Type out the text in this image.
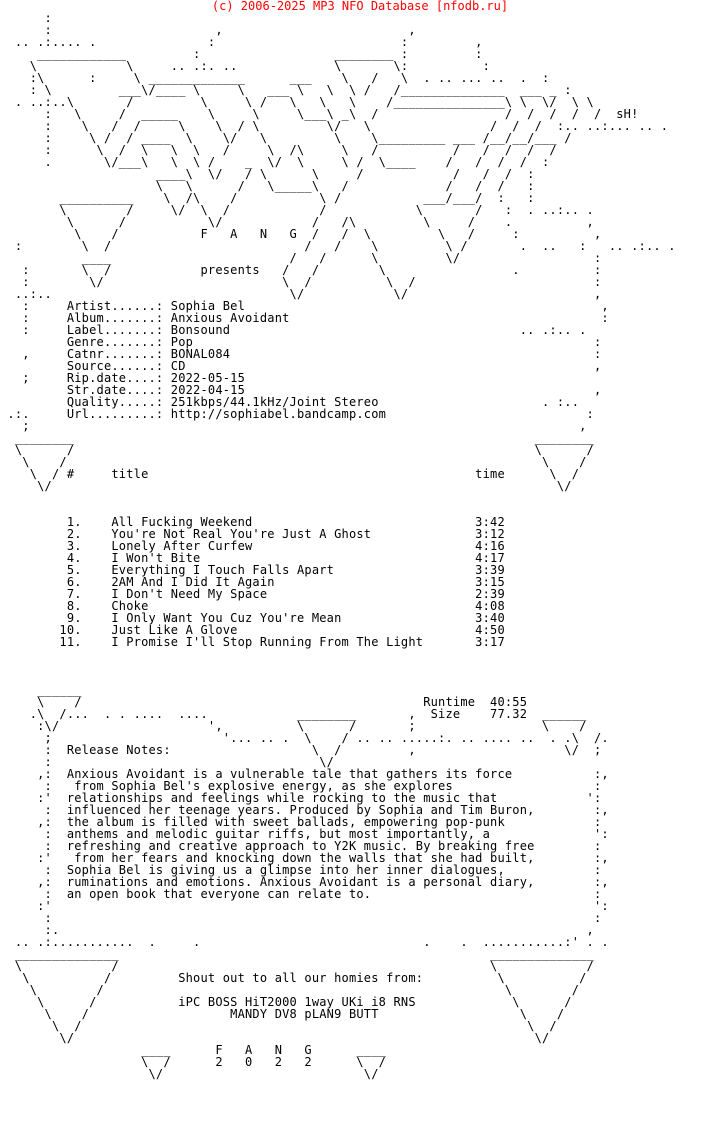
(c) 2006-2025 MP3 NFO Database [nfodb.ru]
:
:                      ,                         ,
.. .:.... .               :                         :         ,
____________         :                  ________ :         :
\            \     .. .:. ..             \       \:          :
:\      :     \ _____________      ___    \   /   \  . .. ... ..  .  :
: \         ___\/____ \     \   ___ \   \  \ /   /______________  ___ _ :
. ..:..\       /         \     \ /   \   \   \    /_______________\ \  \/  \ \
:   \     /  _____    \     \     \___\ _\  /                 /  /  /  /  /  sH!
:    \   /  /     \    \  / \         \/   \                /  /  /  :.. ..:... .. .
:     \ /  / ____  \    \/   \         \    \_________ ___ /__/__/___ /
:      \  /  \   \  \   /     \  /\     \   /          /   /  /  /  /
.       \/___\   \  \ /    _  \/  \     \ /  \____    /   /  /  /  :
____\  \/   / \      \     /            /   /  /  :
\   \      /   \_____\   /             /   /  /   :
__________    \  /\    /           \ /           ___/___/  :   :
\        /     \/  \  /            /            \       /   :  . ..:.. .
\      /           \/            /   /\         \     /    .          ,
\    /           F   A   N   G  /   /  \         \   /     :          ,
:        \  /                          /   /    \         \ /       .  ..   :   .. .:.. .
____                        /   /      \         \/                  :
:       \  /            presents   /   /        \                 .          :
:        \/                        \  /          \  /                        :
..:..                                \/            \/                         ,
:     Artist......: Sophia Bel                                                ,
:     Album.......: Anxious Avoidant                                          :
:     Label.......: Bonsound                                       .. .:.. .
Genre.......: Pop                                                      :
,     Catnr.......: BONAL084                                                 :
Source......: CD                                                       ,
;     Rip.date....: 2022-05-15
Str.date....: 2022-04-15                                               ,
Quality.....: 251kbps/44.1kHz/Joint Stereo                      . :..
.:.     Url.........: http://sophiabel.bandcamp.com                           :
;                                                                          ,
________                                                              ________
\      /                                                              \      /
\    /                                                                \    /
\  / #     title                                            time      \  /
\/                                                                    \/

1.    All Fucking Weekend                              3:42
2.    You're Not Real You're Just A Ghost              3:12
3.    Lonely After Curfew                              4:16
4.    I Won't Bite                                     4:17
5.    Everything I Touch Falls Apart                   3:39
6.    2AM And I Did It Again                           3:15
7.    I Don't Need My Space                            2:39
8.    Choke                                            4:08
9.    I Only Want You Cuz You're Mean                  3:40
10.    Just Like A Glove                                4:50
11.    I Promise I'll Stop Running From The Light       3:17

______
\    /                                              Runtime  40:55
.\  /...  . . ....  ....            ________       ,  Size    77.32  ______
:\/                    ',          \      /       ;                 \    /
;                       '... .. .  \    / .. .. .....:. .. .... ..  . .\  /.
:  Release Notes:                   \  /         ,                    \/  ;
:                                    \/
,:  Anxious Avoidant is a vulnerable tale that gathers its force           :,
:   from Sophia Bel's explosive energy, as she explores                   :
:'  relationships and feelings while rocking to the music that            ':
:  influenced her teenage years. Produced by Sophia and Tim Buron,        :,
,:  the album is filled with sweet ballads, empowering pop-punk            :
:  anthems and melodic guitar riffs, but most importantly, a              ':
:  refreshing and creative approach to Y2K music. By breaking free        :
:'   from her fears and knocking down the walls that she had built,        :,
:  Sophia Bel is giving us a glimpse into her inner dialogues,            :
,:  ruminations and emotions. Anxious Avoidant is a personal diary,        :,
:  an open book that everyone can relate to.                              :
:'                                                                         ':
:                                                                         :
:.                                                                       ,
.. .:...........  .     .                              .    .  ...........:' . .
______________                                                  ______________
\            /                                                  \            /
\          /         Shout out to all our homies from:          \          /
\        /                                                      \        /
\      /           iPC BOSS HiT2000 1way UKi i8 RNS             \      /
\    /                   MANDY DV8 pLAN9 BUTT                   \    /
\  /                                                            \  /
\/                                                              \/
____      F   A   N   G      ____
\  /      2   0   2   2      \  /
\/                           \/
